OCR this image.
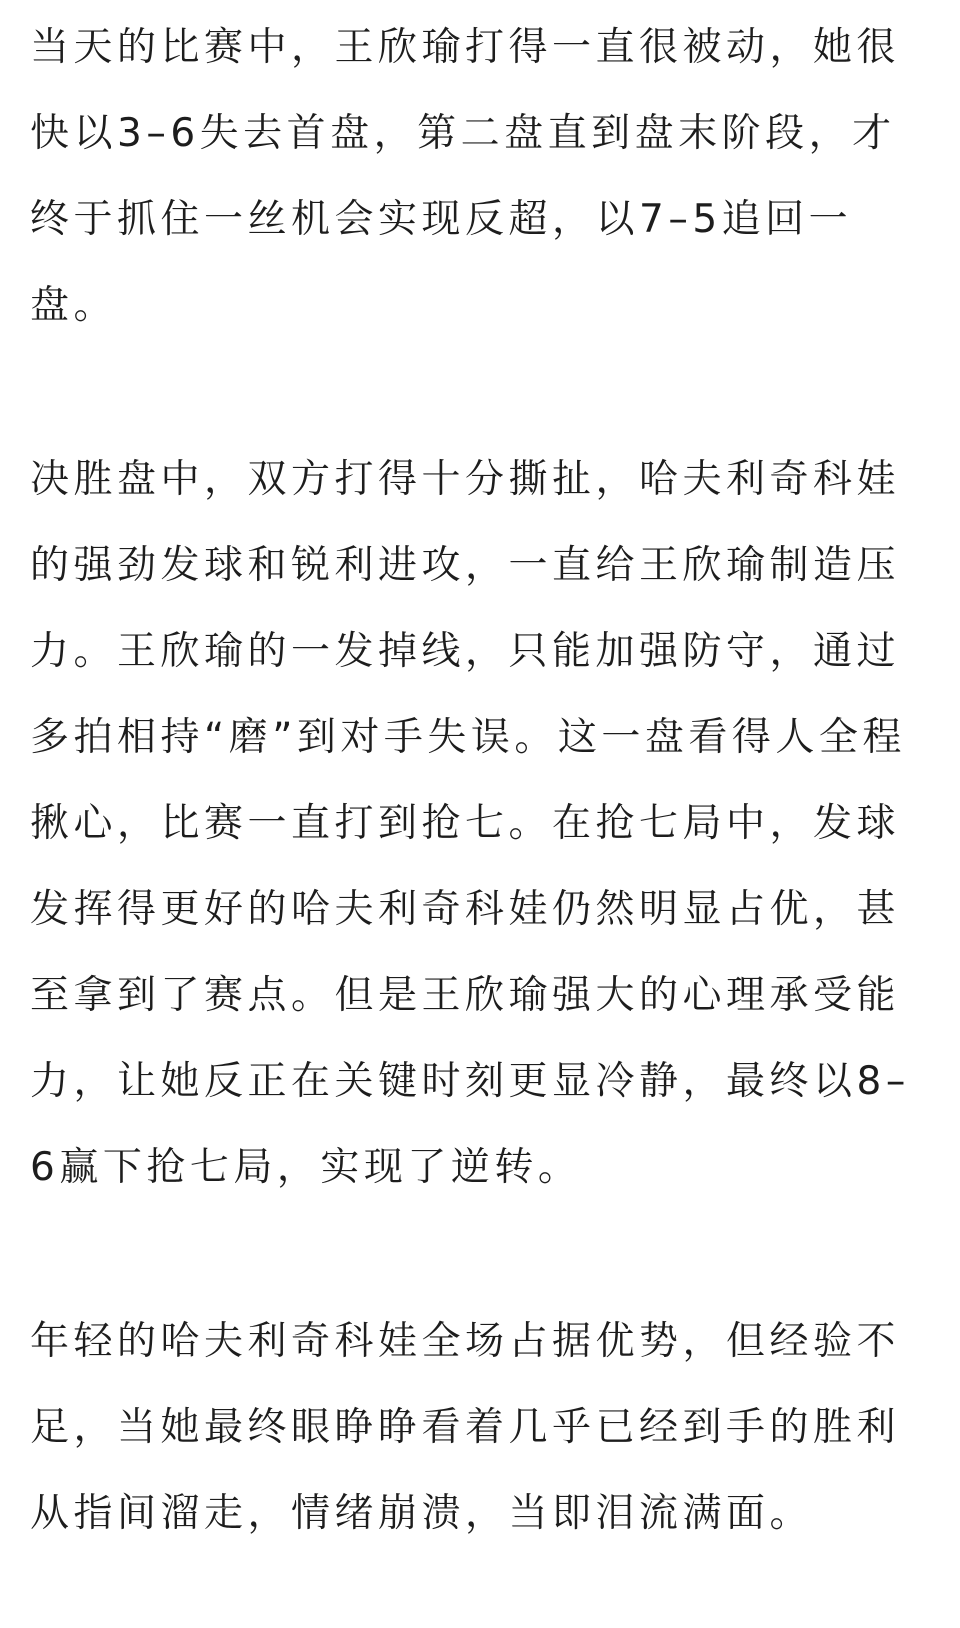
当天的比赛中，王欣瑜打得一直很被动，她很
快以3–6失去首盘，第二盘直到盘末阶段，才
终于抓住一丝机会实现反超，以7–5追回一
盘。
决胜盘中，双方打得十分撕扯，哈夫利奇科娃
的强劲发球和锐利进攻，一直给王欣瑜制造压
力。王欣瑜的一发掉线，只能加强防守，通过
多拍相持“磨”到对手失误。这一盘看得人全程
揪心，比赛一直打到抢七。在抢七局中，发球
发挥得更好的哈夫利奇科娃仍然明显占优，甚
至拿到了赛点。但是王欣瑜强大的心理承受能
力，让她反正在关键时刻更显冷静，最终以8–
6赢下抢七局，实现了逆转。
年轻的哈夫利奇科娃全场占据优势，但经验不
足，当她最终眼睁睁看着几乎已经到手的胜利
从指间溜走，情绪崩溃，当即泪流满面。
